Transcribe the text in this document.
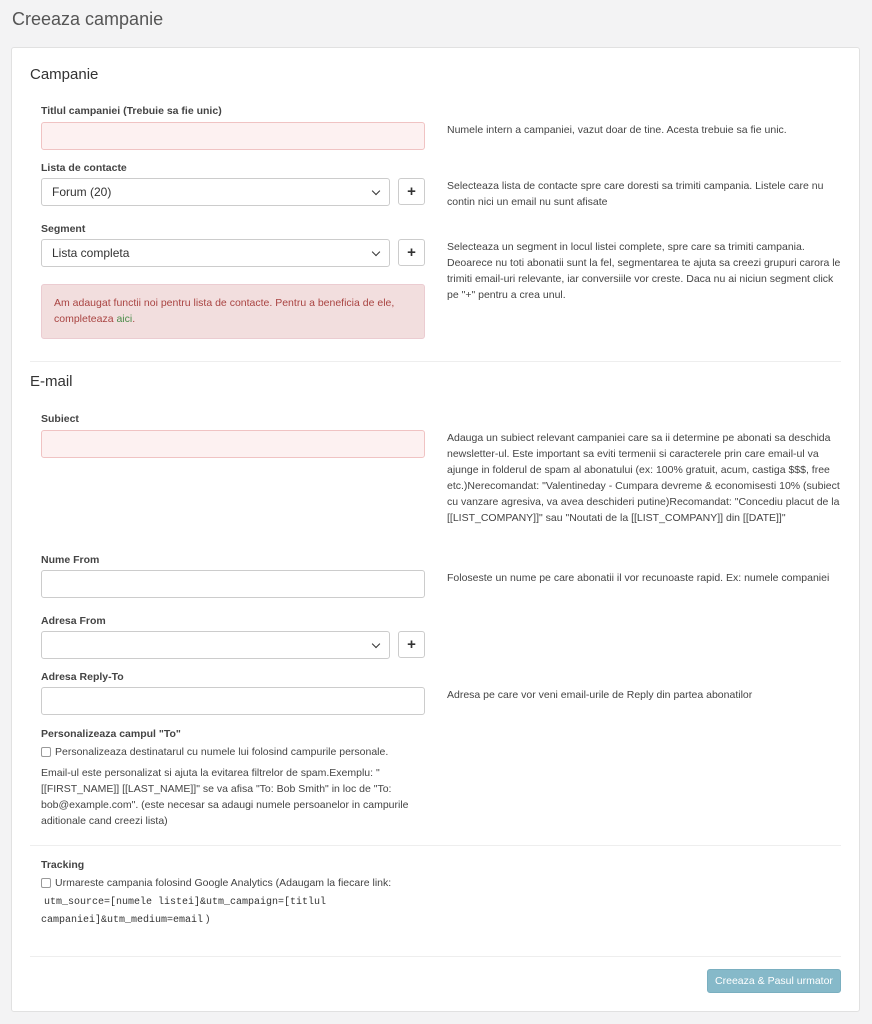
Creeaza campanie
Campanie
Titlul campaniei (Trebuie sa fie unic)
Numele intern a campaniei, vazut doar de tine. Acesta trebuie sa fie unic.
Lista de contacte
Forum (20)	+	Selecteaza lista de contacte spre care doresti sa trimiti campania. Listele care nu contin nici un email nu sunt afisate
Segment
Lista completa	+	Selecteaza un segment in locul listei complete, spre care sa trimiti campania. Deoarece nu toti abonatii sunt la fel, segmentarea te ajuta sa creezi grupuri carora le trimiti email-uri relevante, iar conversiile vor creste. Daca nu ai niciun segment click pe "+" pentru a crea unul.
Am adaugat functii noi pentru lista de contacte. Pentru a beneficia de ele, completeaza aici.
E-mail
Subiect
Adauga un subiect relevant campaniei care sa ii determine pe abonati sa deschida newsletter-ul. Este important sa eviti termenii si caracterele prin care email-ul va ajunge in folderul de spam al abonatului (ex: 100% gratuit, acum, castiga $$$, free etc.)Nerecomandat: "Valentineday - Cumpara devreme & economisesti 10% (subiect cu vanzare agresiva, va avea deschideri putine)Recomandat: "Concediu placut de la [[LIST_COMPANY]]" sau "Noutati de la [[LIST_COMPANY]] din [[DATE]]"
Nume From
Foloseste un nume pe care abonatii il vor recunoaste rapid. Ex: numele companiei
Adresa From
+
Adresa Reply-To
Adresa pe care vor veni email-urile de Reply din partea abonatilor
Personalizeaza campul "To"
Personalizeaza destinatarul cu numele lui folosind campurile personale.
Email-ul este personalizat si ajuta la evitarea filtrelor de spam.Exemplu: "[[FIRST_NAME]] [[LAST_NAME]]" se va afisa "To: Bob Smith" in loc de "To: bob@example.com". (este necesar sa adaugi numele persoanelor in campurile aditionale cand creezi lista)
Tracking
Urmareste campania folosind Google Analytics (Adaugam la fiecare link:
utm_source=[numele listei]&utm_campaign=[titlul
campaniei]&utm_medium=email )
Creeaza & Pasul urmator
